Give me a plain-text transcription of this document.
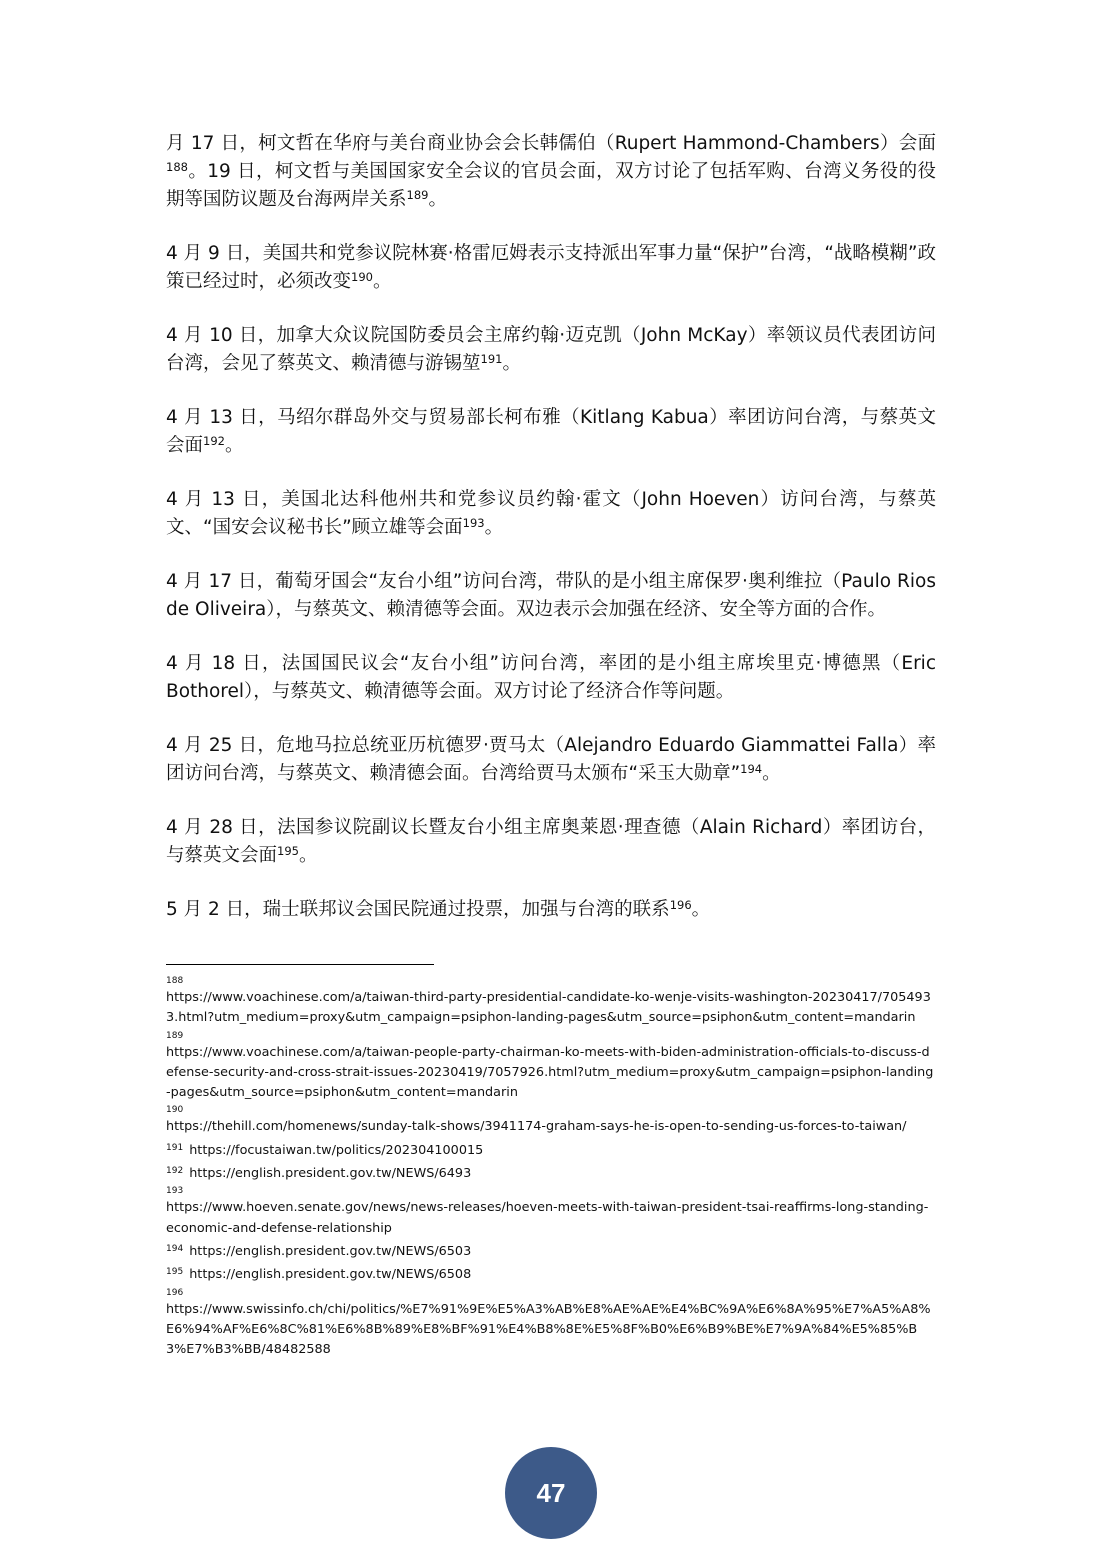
月 17 日，柯文哲在华府与美台商业协会会长韩儒伯（Rupert Hammond-Chambers）会面$^{188}$。19 日，柯文哲与美国国家安全会议的官员会面，双方讨论了包括军购、台湾义务役的役期等国防议题及台海两岸关系$^{189}$。

4 月 9 日，美国共和党参议院林赛·格雷厄姆表示支持派出军事力量“保护”台湾，“战略模糊”政策已经过时，必须改变$^{190}$。

4 月 10 日，加拿大众议院国防委员会主席约翰·迈克凯（John McKay）率领议员代表团访问台湾，会见了蔡英文、赖清德与游锡堃$^{191}$。

4 月 13 日，马绍尔群岛外交与贸易部长柯布雅（Kitlang Kabua）率团访问台湾，与蔡英文会面$^{192}$。

4 月 13 日，美国北达科他州共和党参议员约翰·霍文（John Hoeven）访问台湾，与蔡英文、“国安会议秘书长”顾立雄等会面$^{193}$。

4 月 17 日，葡萄牙国会“友台小组”访问台湾，带队的是小组主席保罗·奥利维拉（Paulo Rios de Oliveira），与蔡英文、赖清德等会面。双边表示会加强在经济、安全等方面的合作。

4 月 18 日，法国国民议会“友台小组”访问台湾，率团的是小组主席埃里克·博德黑（Eric Bothorel），与蔡英文、赖清德等会面。双方讨论了经济合作等问题。

4 月 25 日，危地马拉总统亚历杭德罗·贾马太（Alejandro Eduardo Giammattei Falla）率团访问台湾，与蔡英文、赖清德会面。台湾给贾马太颁布“采玉大勋章”$^{194}$。

4 月 28 日，法国参议院副议长暨友台小组主席奥莱恩·理查德（Alain Richard）率团访台，与蔡英文会面$^{195}$。

5 月 2 日，瑞士联邦议会国民院通过投票，加强与台湾的联系$^{196}$。

188
https://www.voachinese.com/a/taiwan-third-party-presidential-candidate-ko-wenje-visits-washington-20230417/7054933.html?utm_medium=proxy&utm_campaign=psiphon-landing-pages&utm_source=psiphon&utm_content=mandarin
189
https://www.voachinese.com/a/taiwan-people-party-chairman-ko-meets-with-biden-administration-officials-to-discuss-defense-security-and-cross-strait-issues-20230419/7057926.html?utm_medium=proxy&utm_campaign=psiphon-landing-pages&utm_source=psiphon&utm_content=mandarin
190
https://thehill.com/homenews/sunday-talk-shows/3941174-graham-says-he-is-open-to-sending-us-forces-to-taiwan/
$^{191}$ https://focustaiwan.tw/politics/202304100015
$^{192}$ https://english.president.gov.tw/NEWS/6493
193
https://www.hoeven.senate.gov/news/news-releases/hoeven-meets-with-taiwan-president-tsai-reaffirms-long-standing-economic-and-defense-relationship
$^{194}$ https://english.president.gov.tw/NEWS/6503
$^{195}$ https://english.president.gov.tw/NEWS/6508
196
https://www.swissinfo.ch/chi/politics/%E7%91%9E%E5%A3%AB%E8%AE%AE%E4%BC%9A%E6%8A%95%E7%A5%A8%E6%94%AF%E6%8C%81%E6%8B%89%E8%BF%91%E4%B8%8E%E5%8F%B0%E6%B9%BE%E7%9A%84%E5%85%B3%E7%B3%BB/48482588
47
